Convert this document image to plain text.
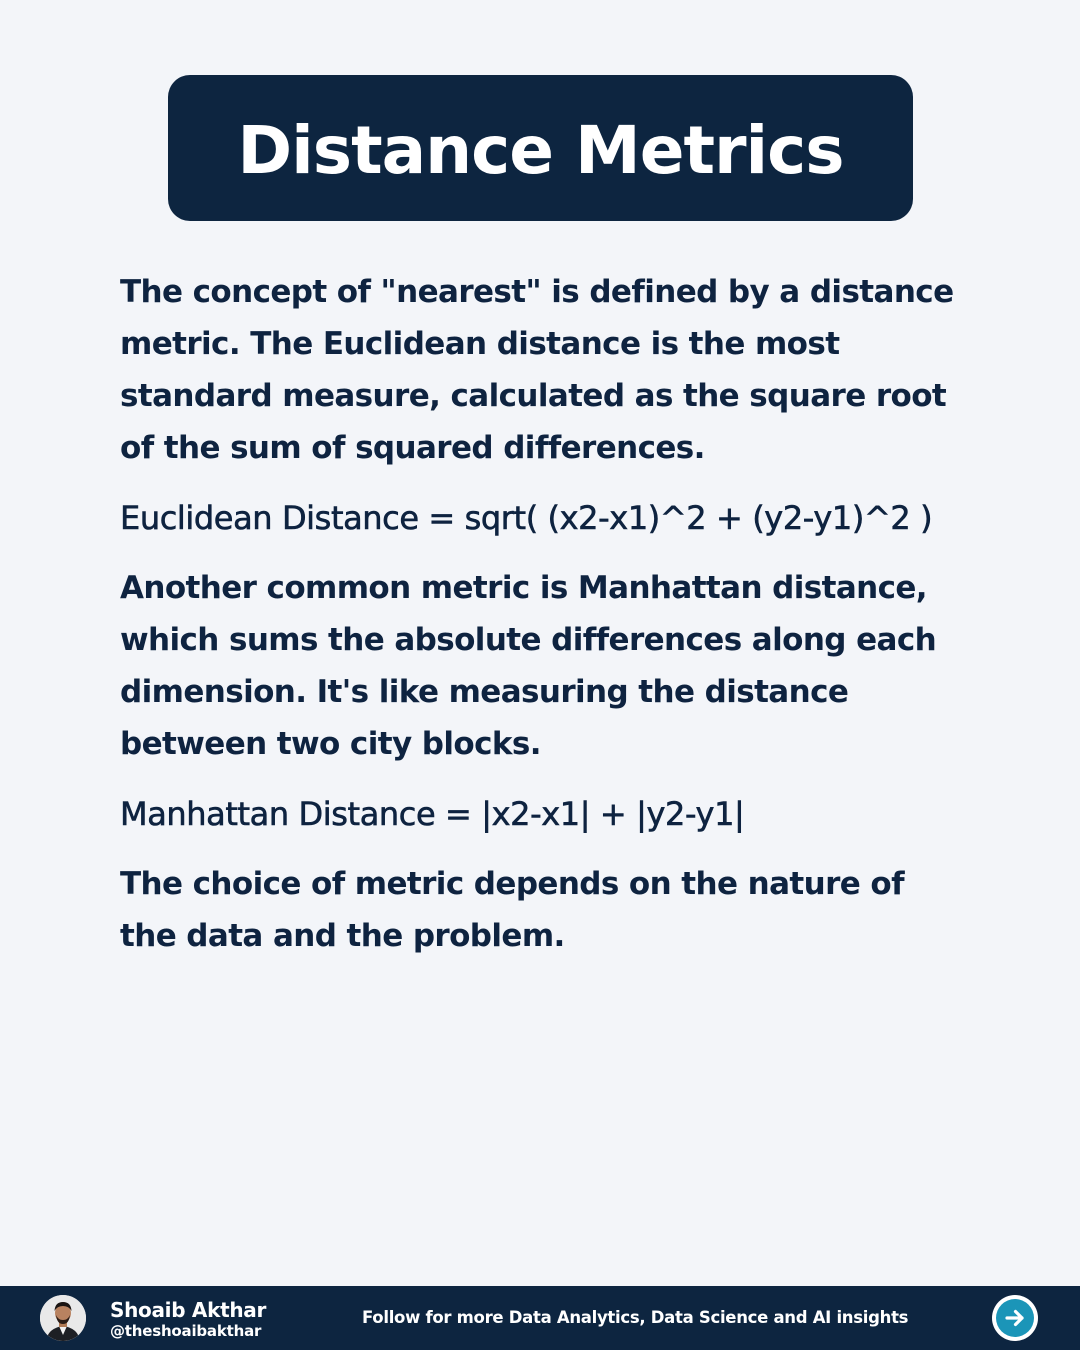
Distance Metrics

The concept of "nearest" is defined by a distance metric. The Euclidean distance is the most standard measure, calculated as the square root of the sum of squared differences.

Euclidean Distance = sqrt( (x2-x1)^2 + (y2-y1)^2 )

Another common metric is Manhattan distance, which sums the absolute differences along each dimension. It's like measuring the distance between two city blocks.

Manhattan Distance = |x2-x1| + |y2-y1|

The choice of metric depends on the nature of the data and the problem.

Shoaib Akthar
@theshoaibakthar
Follow for more Data Analytics, Data Science and AI insights
